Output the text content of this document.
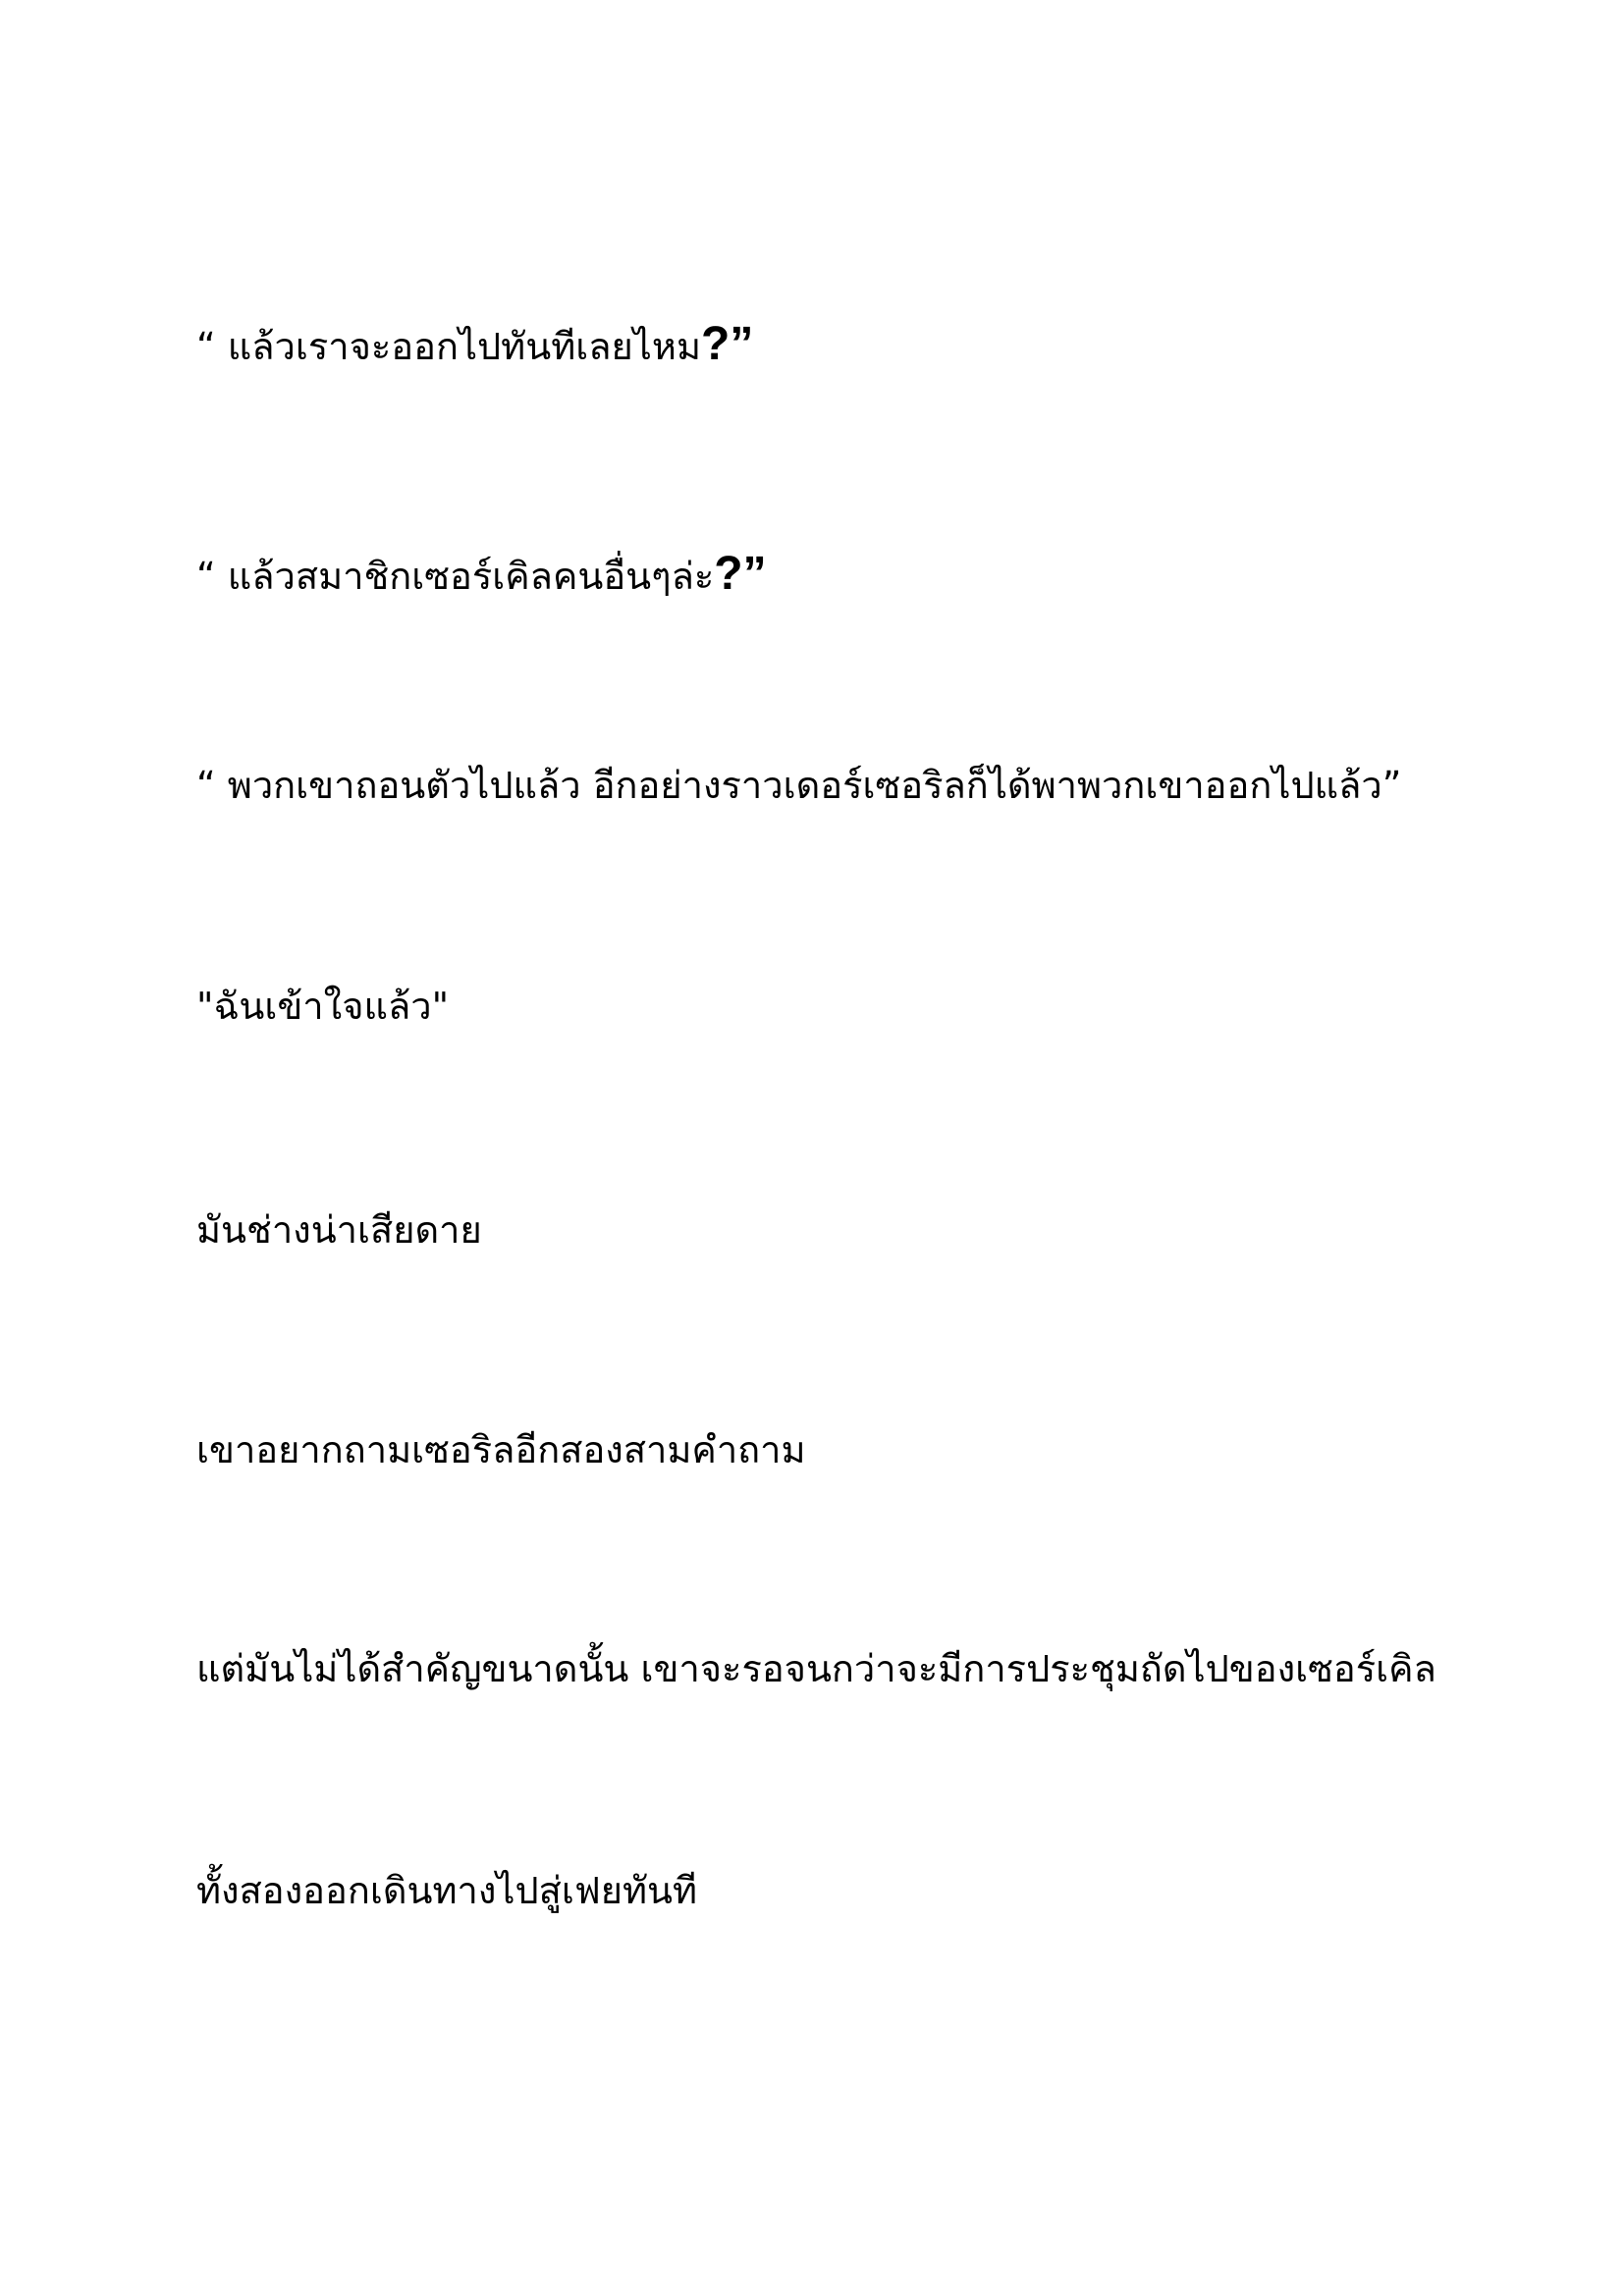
“ แล้วเราจะออกไปทันทีเลยไหม?”

“ แล้วสมาชิกเซอร์เคิลคนอื่นๆล่ะ?”

“ พวกเขาถอนตัวไปแล้ว อีกอย่างราวเดอร์เซอริลก็ได้พาพวกเขาออกไปแล้ว”

"ฉันเข้าใจแล้ว"

มันช่างน่าเสียดาย

เขาอยากถามเซอริลอีกสองสามคำถาม

แต่มันไม่ได้สำคัญขนาดนั้น เขาจะรอจนกว่าจะมีการประชุมถัดไปของเซอร์เคิล

ทั้งสองออกเดินทางไปสู่เฟยทันที
